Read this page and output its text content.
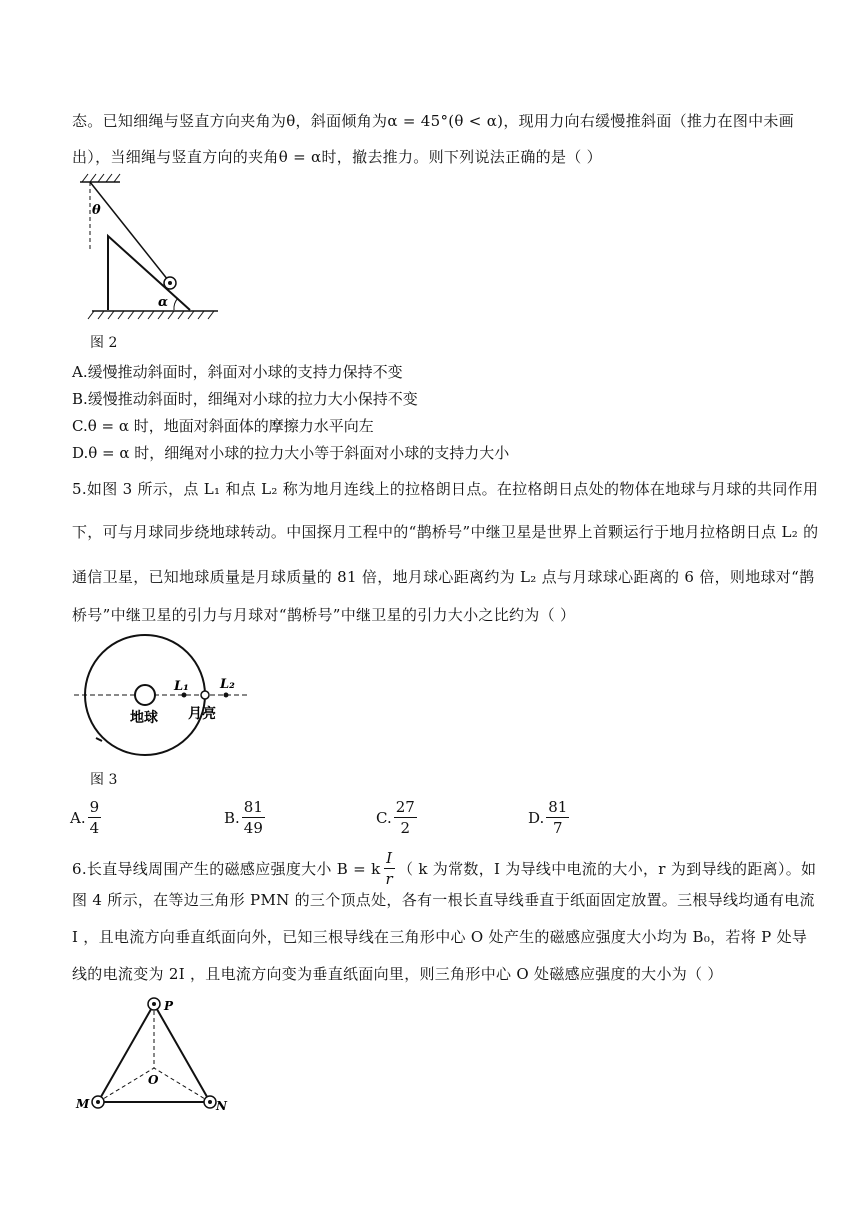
态。已知细绳与竖直方向夹角为θ，斜面倾角为α = 45°(θ < α)，现用力向右缓慢推斜面（推力在图中未画
出），当细绳与竖直方向的夹角θ = α时，撤去推力。则下列说法正确的是（ ）
θ
α
图 2
A.缓慢推动斜面时，斜面对小球的支持力保持不变
B.缓慢推动斜面时，细绳对小球的拉力大小保持不变
C.θ = α 时，地面对斜面体的摩擦力水平向左
D.θ = α 时，细绳对小球的拉力大小等于斜面对小球的支持力大小
5.如图 3 所示，点 L₁ 和点 L₂ 称为地月连线上的拉格朗日点。在拉格朗日点处的物体在地球与月球的共同作用
下，可与月球同步绕地球转动。中国探月工程中的“鹊桥号”中继卫星是世界上首颗运行于地月拉格朗日点 L₂ 的
通信卫星，已知地球质量是月球质量的 81 倍，地月球心距离约为 L₂ 点与月球球心距离的 6 倍，则地球对“鹊
桥号”中继卫星的引力与月球对“鹊桥号”中继卫星的引力大小之比约为（ ）
地球 月亮
L₁ L₂
图 3
A. $\frac{9}{4}$	B. $\frac{81}{49}$	C. $\frac{27}{2}$	D. $\frac{81}{7}$
6.长直导线周围产生的磁感应强度大小 B = k $\frac{I}{r}$ （ k 为常数，I 为导线中电流的大小，r 为到导线的距离）。如
图 4 所示，在等边三角形 PMN 的三个顶点处，各有一根长直导线垂直于纸面固定放置。三根导线均通有电流
I ，且电流方向垂直纸面向外，已知三根导线在三角形中心 O 处产生的磁感应强度大小均为 B₀，若将 P 处导
线的电流变为 2I ，且电流方向变为垂直纸面向里，则三角形中心 O 处磁感应强度的大小为（ ）
P
M	N
O
